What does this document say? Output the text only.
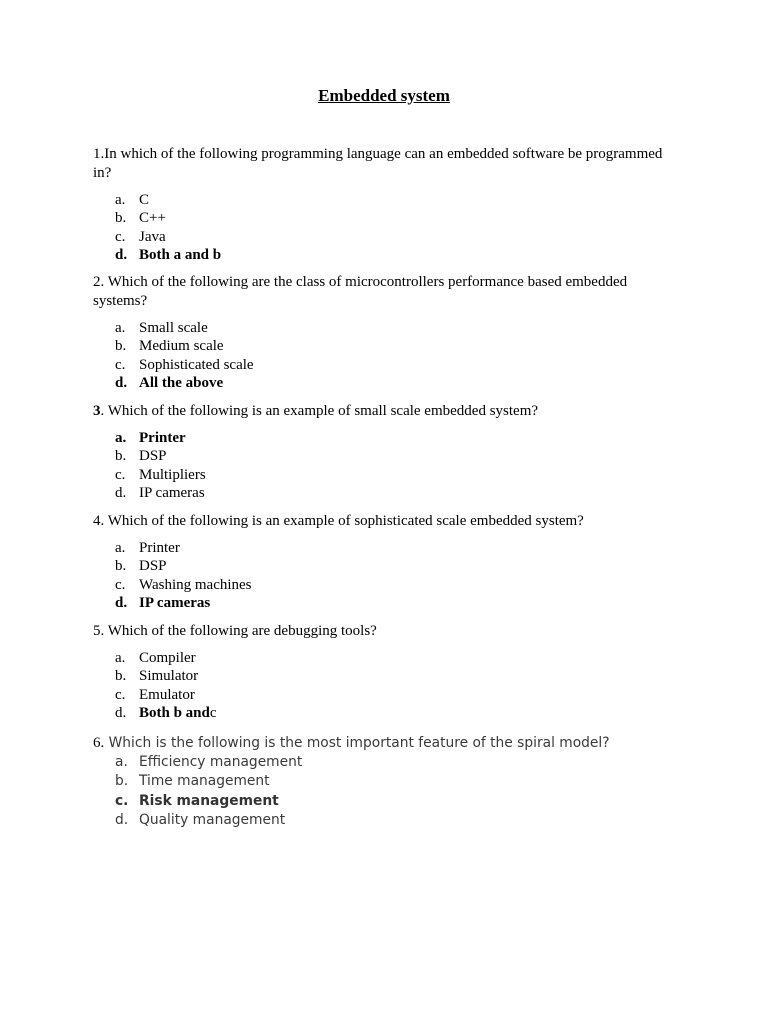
Embedded system

1.In which of the following programming language can an embedded software be programmed in?

a. C
b. C++
c. Java
d. Both a and b

2. Which of the following are the class of microcontrollers performance based embedded systems?

a. Small scale
b. Medium scale
c. Sophisticated scale
d. All the above

3. Which of the following is an example of small scale embedded system?

a. Printer
b. DSP
c. Multipliers
d. IP cameras

4. Which of the following is an example of sophisticated scale embedded system?

a. Printer
b. DSP
c. Washing machines
d. IP cameras

5. Which of the following are debugging tools?

a. Compiler
b. Simulator
c. Emulator
d. Both b and c

6. Which is the following is the most important feature of the spiral model?

a. Efficiency management
b. Time management
c. Risk management
d. Quality management
